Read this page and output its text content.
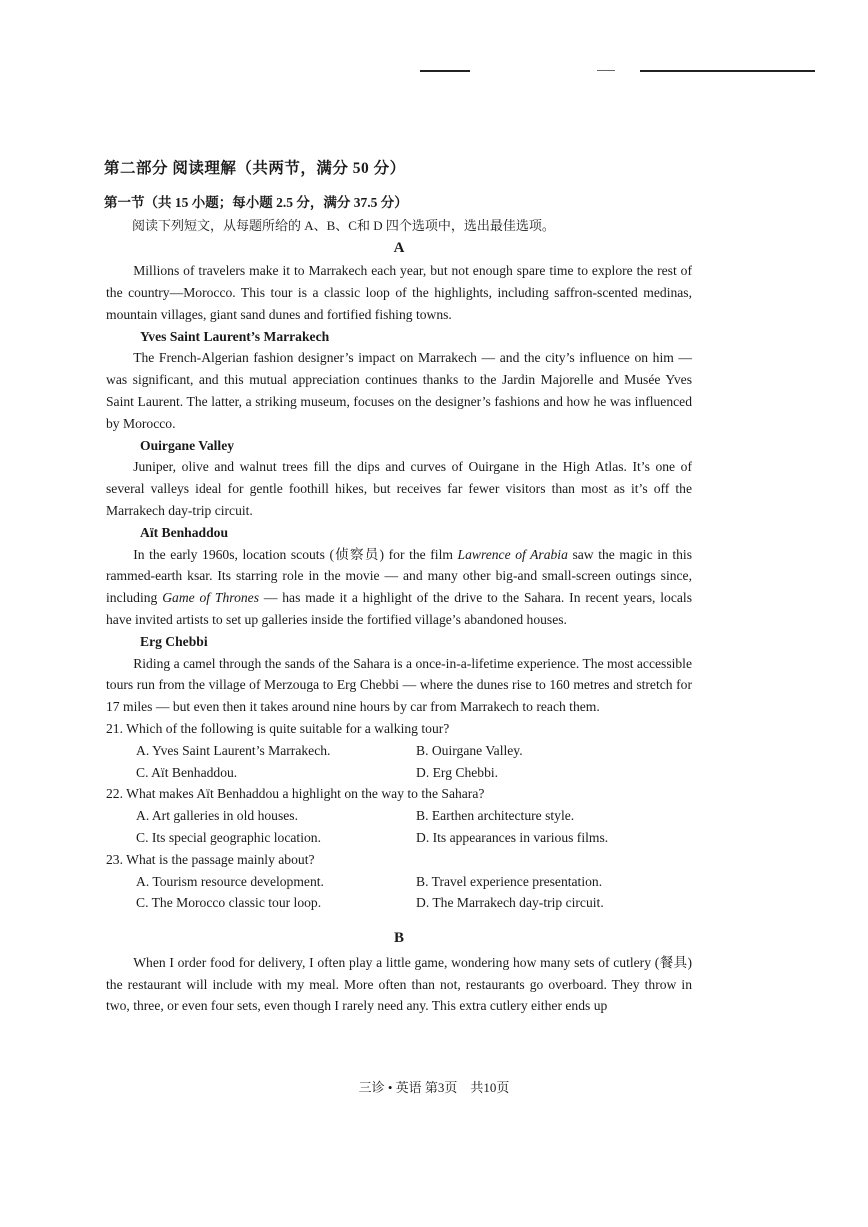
第二部分 阅读理解（共两节，满分 50 分）
第一节（共 15 小题；每小题 2.5 分，满分 37.5 分）

阅读下列短文，从每题所给的 A、B、C和 D 四个选项中，选出最佳选项。

A

Millions of travelers make it to Marrakech each year, but not enough spare time to explore the rest of the country—Morocco. This tour is a classic loop of the highlights, including saffron-scented medinas, mountain villages, giant sand dunes and fortified fishing towns.

Yves Saint Laurent’s Marrakech

The French-Algerian fashion designer’s impact on Marrakech — and the city’s influence on him — was significant, and this mutual appreciation continues thanks to the Jardin Majorelle and Musée Yves Saint Laurent. The latter, a striking museum, focuses on the designer’s fashions and how he was influenced by Morocco.

Ouirgane Valley

Juniper, olive and walnut trees fill the dips and curves of Ouirgane in the High Atlas. It’s one of several valleys ideal for gentle foothill hikes, but receives far fewer visitors than most as it’s off the Marrakech day-trip circuit.

Aït Benhaddou

In the early 1960s, location scouts (侦察员) for the film Lawrence of Arabia saw the magic in this rammed-earth ksar. Its starring role in the movie — and many other big-and small-screen outings since, including Game of Thrones — has made it a highlight of the drive to the Sahara. In recent years, locals have invited artists to set up galleries inside the fortified village’s abandoned houses.

Erg Chebbi

Riding a camel through the sands of the Sahara is a once-in-a-lifetime experience. The most accessible tours run from the village of Merzouga to Erg Chebbi — where the dunes rise to 160 metres and stretch for 17 miles — but even then it takes around nine hours by car from Marrakech to reach them.

21. Which of the following is quite suitable for a walking tour?

A. Yves Saint Laurent’s Marrakech.	B. Ouirgane Valley.
C. Aït Benhaddou.	D. Erg Chebbi.

22. What makes Aït Benhaddou a highlight on the way to the Sahara?

A. Art galleries in old houses.	B. Earthen architecture style.
C. Its special geographic location.	D. Its appearances in various films.

23. What is the passage mainly about?

A. Tourism resource development.	B. Travel experience presentation.
C. The Morocco classic tour loop.	D. The Marrakech day-trip circuit.
B

When I order food for delivery, I often play a little game, wondering how many sets of cutlery (餐具) the restaurant will include with my meal. More often than not, restaurants go overboard. They throw in two, three, or even four sets, even though I rarely need any. This extra cutlery either ends up

三诊 • 英语 第3页　共10页
